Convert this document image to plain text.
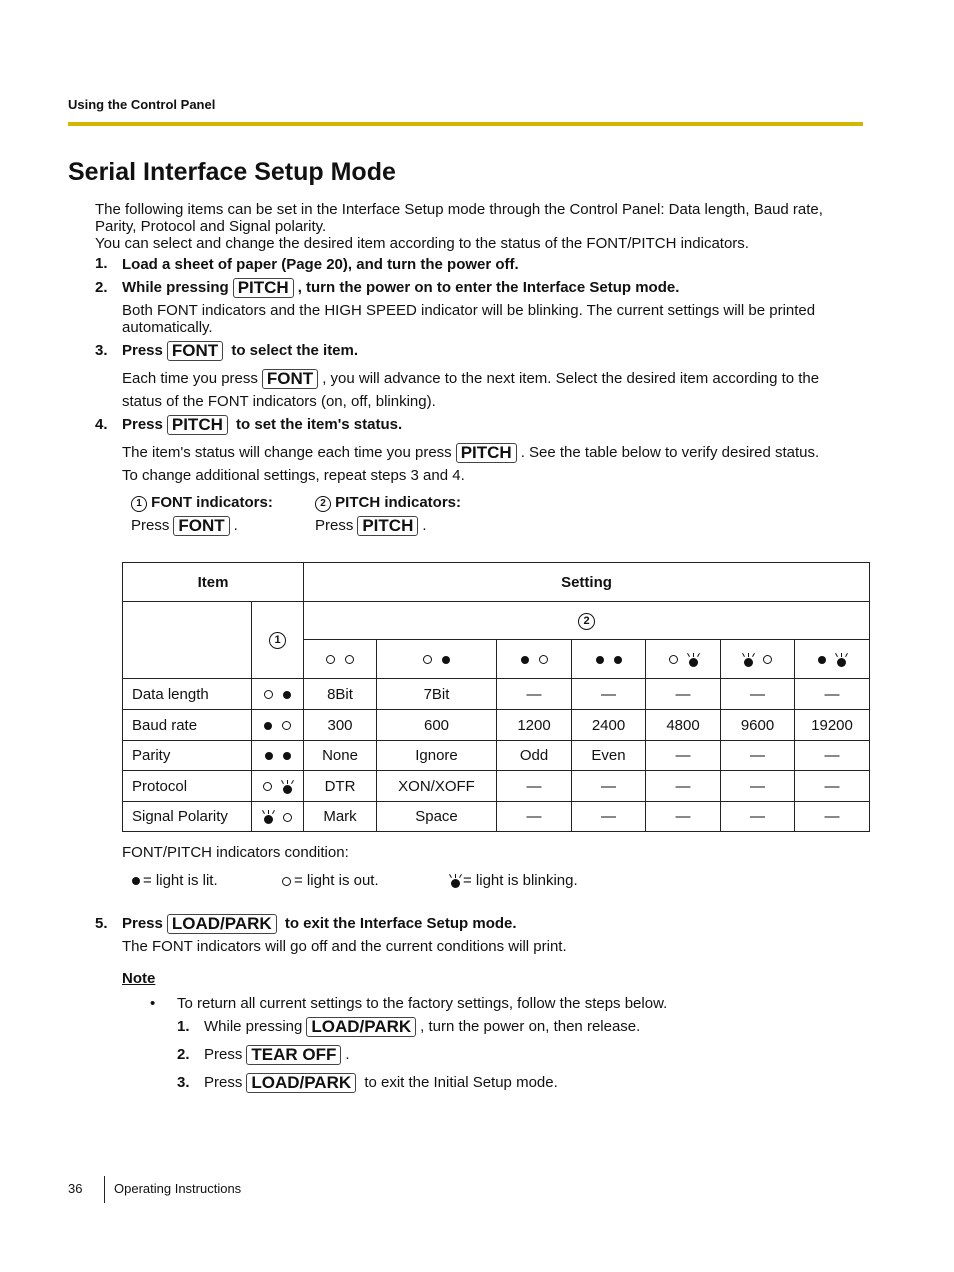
Using the Control Panel
Serial Interface Setup Mode
The following items can be set in the Interface Setup mode through the Control Panel: Data length, Baud rate,
Parity, Protocol and Signal polarity.
You can select and change the desired item according to the status of the FONT/PITCH indicators.
1. Load a sheet of paper (Page 20), and turn the power off.
2. While pressing PITCH , turn the power on to enter the Interface Setup mode.
Both FONT indicators and the HIGH SPEED indicator will be blinking. The current settings will be printed
automatically.
3. Press FONT to select the item.
Each time you press FONT , you will advance to the next item. Select the desired item according to the
status of the FONT indicators (on, off, blinking).
4. Press PITCH to set the item's status.
The item's status will change each time you press PITCH . See the table below to verify desired status.
To change additional settings, repeat steps 3 and 4.
1 FONT indicators:
Press FONT .
2 PITCH indicators:
Press PITCH .
Item		Setting						
	1	2						

Data length		8Bit	7Bit	—	—	—	—	—
Baud rate		300	600	1200	2400	4800	9600	19200
Parity		None	Ignore	Odd	Even	—	—	—
Protocol		DTR	XON/XOFF	—	—	—	—	—
Signal Polarity		Mark	Space	—	—	—	—	—
FONT/PITCH indicators condition:
= light is lit.	= light is out.	= light is blinking.
5. Press LOAD/PARK to exit the Interface Setup mode.
The FONT indicators will go off and the current conditions will print.
Note
• To return all current settings to the factory settings, follow the steps below.
1. While pressing LOAD/PARK , turn the power on, then release.
2. Press TEAR OFF .
3. Press LOAD/PARK to exit the Initial Setup mode.
36 Operating Instructions
